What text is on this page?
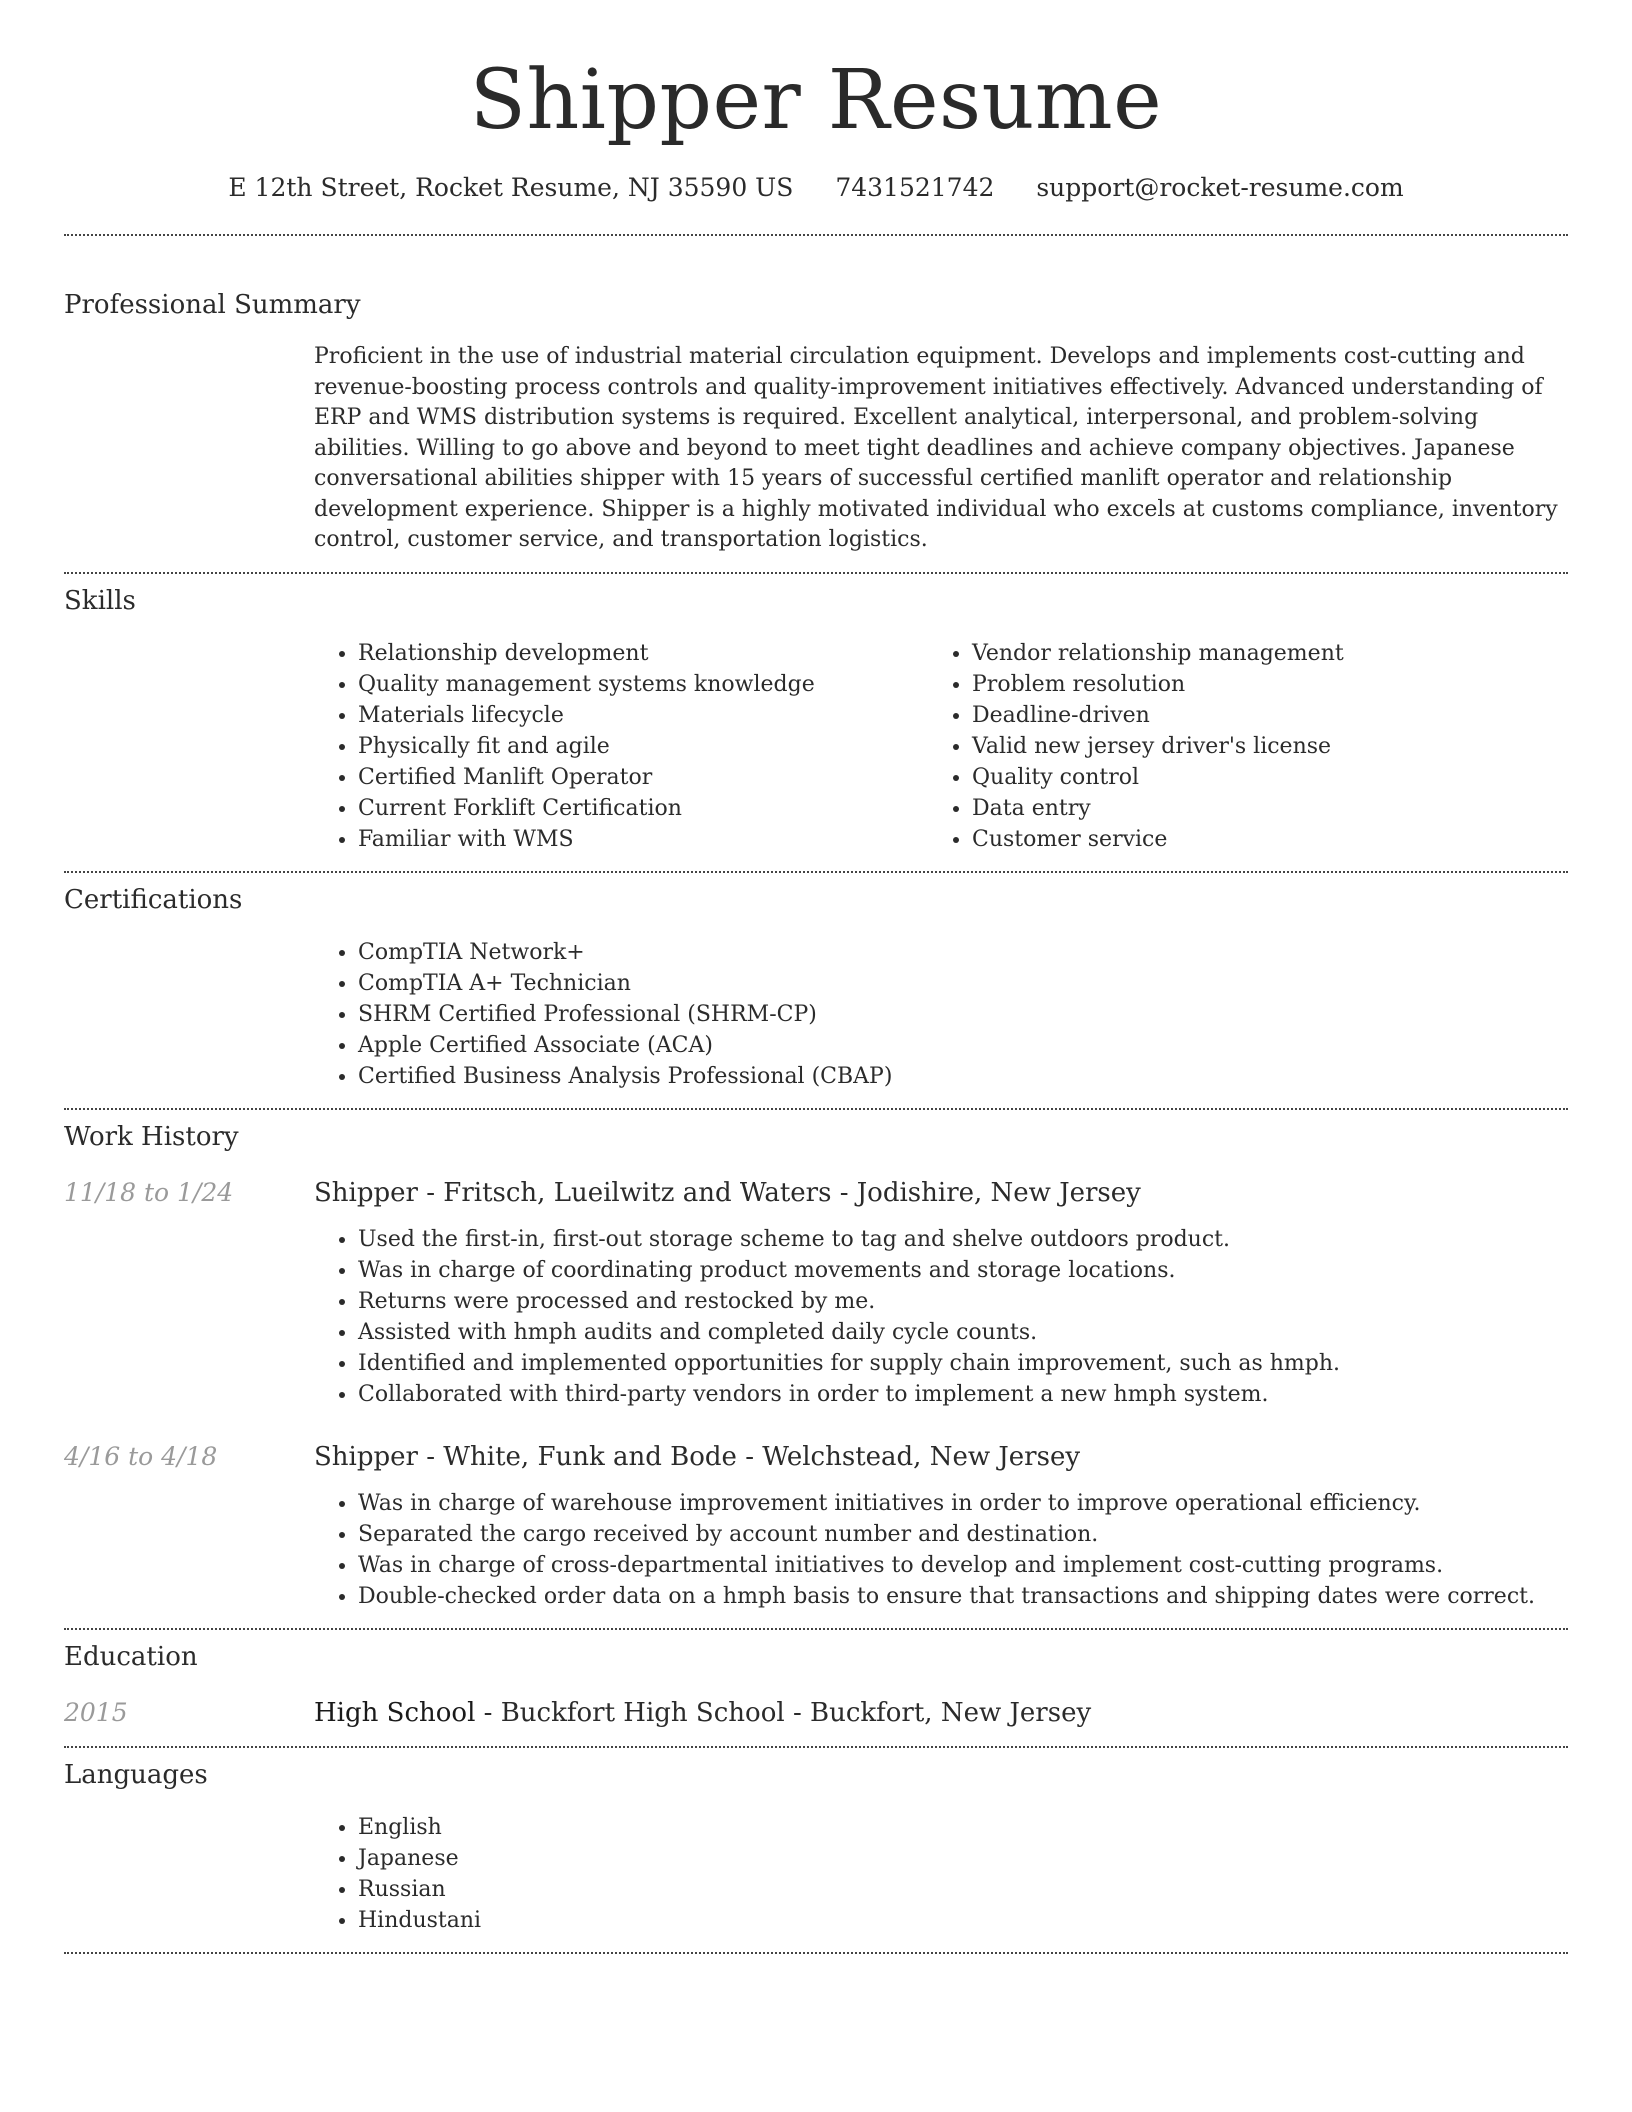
Shipper Resume
E 12th Street, Rocket Resume, NJ 35590 US 7431521742 support@rocket-resume.com
Professional Summary
Proficient in the use of industrial material circulation equipment. Develops and implements cost-cutting and revenue-boosting process controls and quality-improvement initiatives effectively. Advanced understanding of ERP and WMS distribution systems is required. Excellent analytical, interpersonal, and problem-solving abilities. Willing to go above and beyond to meet tight deadlines and achieve company objectives. Japanese conversational abilities shipper with 15 years of successful certified manlift operator and relationship development experience. Shipper is a highly motivated individual who excels at customs compliance, inventory control, customer service, and transportation logistics.
Skills
• Relationship development
• Quality management systems knowledge
• Materials lifecycle
• Physically fit and agile
• Certified Manlift Operator
• Current Forklift Certification
• Familiar with WMS
• Vendor relationship management
• Problem resolution
• Deadline-driven
• Valid new jersey driver's license
• Quality control
• Data entry
• Customer service
Certifications
• CompTIA Network+
• CompTIA A+ Technician
• SHRM Certified Professional (SHRM-CP)
• Apple Certified Associate (ACA)
• Certified Business Analysis Professional (CBAP)
Work History
11/18 to 1/24	Shipper - Fritsch, Lueilwitz and Waters - Jodishire, New Jersey
• Used the first-in, first-out storage scheme to tag and shelve outdoors product.
• Was in charge of coordinating product movements and storage locations.
• Returns were processed and restocked by me.
• Assisted with hmph audits and completed daily cycle counts.
• Identified and implemented opportunities for supply chain improvement, such as hmph.
• Collaborated with third-party vendors in order to implement a new hmph system.
4/16 to 4/18	Shipper - White, Funk and Bode - Welchstead, New Jersey
• Was in charge of warehouse improvement initiatives in order to improve operational efficiency.
• Separated the cargo received by account number and destination.
• Was in charge of cross-departmental initiatives to develop and implement cost-cutting programs.
• Double-checked order data on a hmph basis to ensure that transactions and shipping dates were correct.
Education
2015	High School - Buckfort High School - Buckfort, New Jersey
Languages
• English
• Japanese
• Russian
• Hindustani
